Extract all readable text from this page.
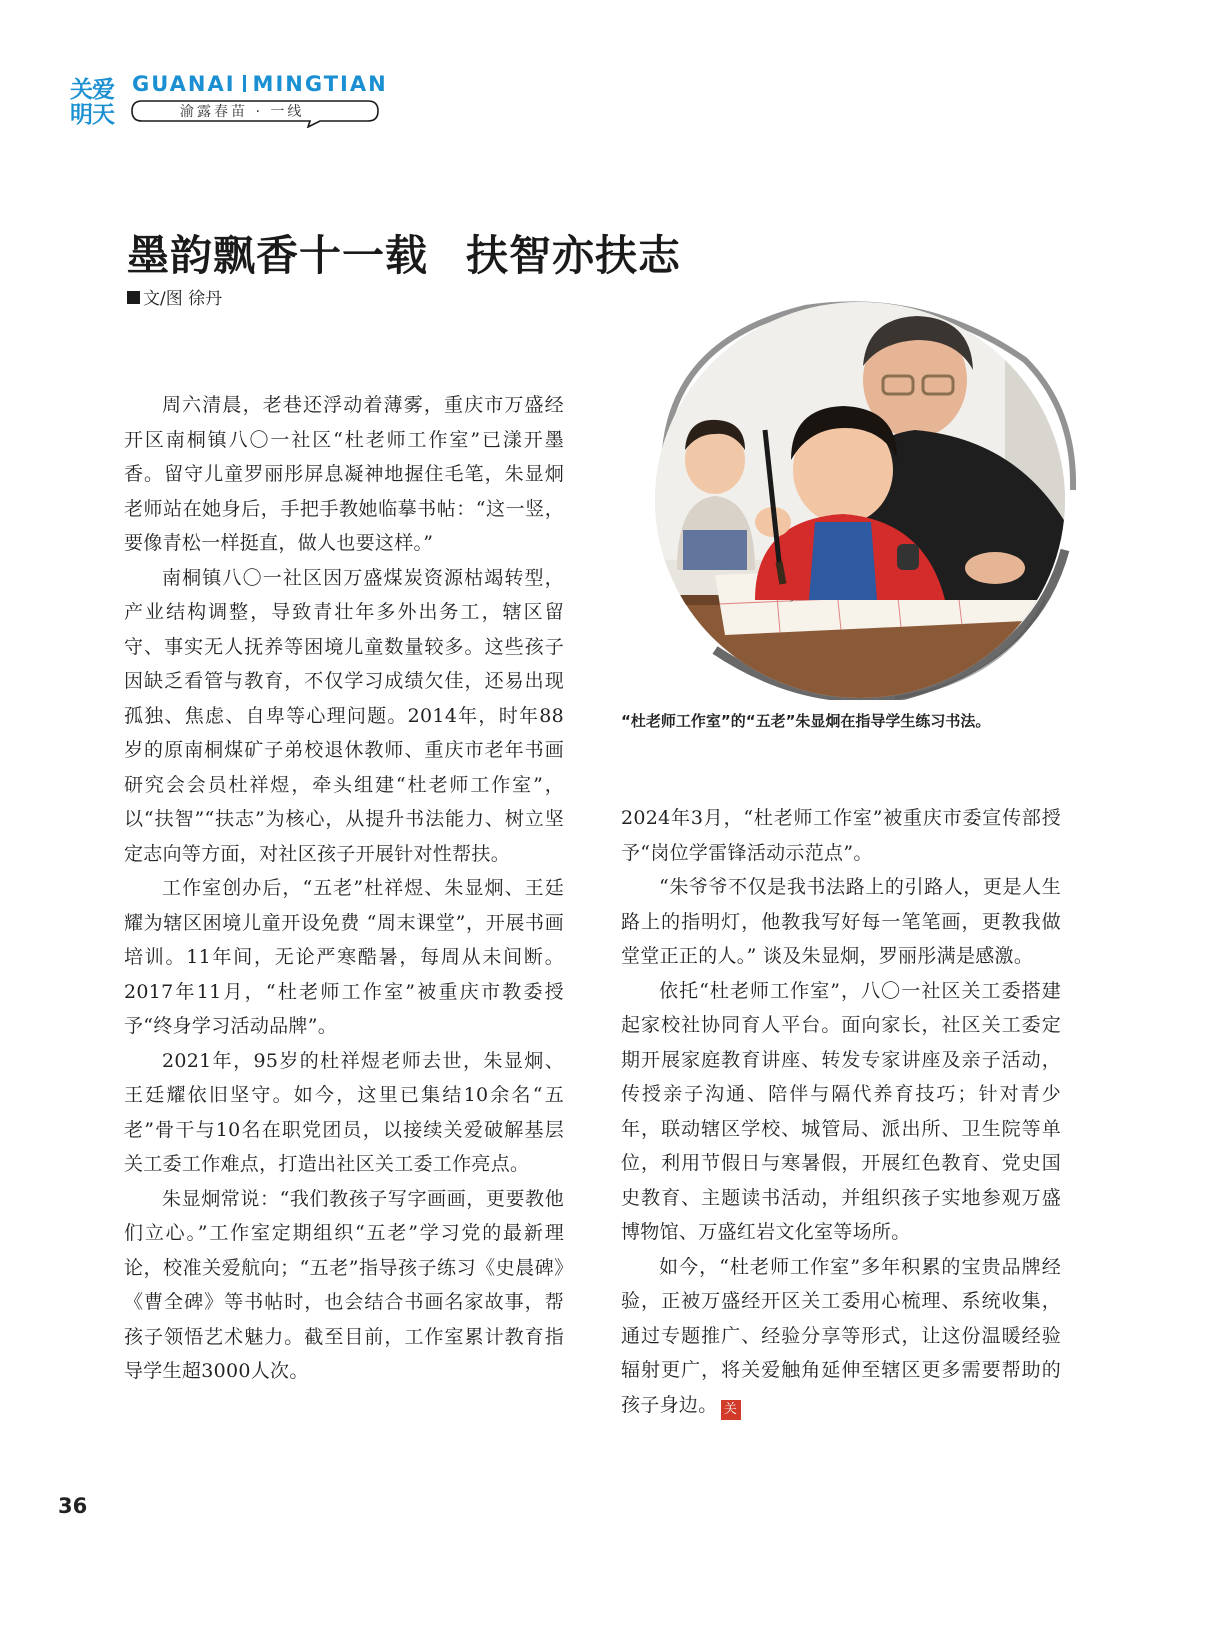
关爱明天
GUANAI MINGTIAN
渝露春苗 · 一线
墨韵飘香十一载 扶智亦扶志
文/图 徐丹

周六清晨，老巷还浮动着薄雾，重庆市万盛经开区南桐镇八〇一社区“杜老师工作室”已漾开墨香。留守儿童罗丽彤屏息凝神地握住毛笔，朱显炯老师站在她身后，手把手教她临摹书帖：“这一竖，要像青松一样挺直，做人也要这样。”

南桐镇八〇一社区因万盛煤炭资源枯竭转型，产业结构调整，导致青壮年多外出务工，辖区留守、事实无人抚养等困境儿童数量较多。这些孩子因缺乏看管与教育，不仅学习成绩欠佳，还易出现孤独、焦虑、自卑等心理问题。2014年，时年88岁的原南桐煤矿子弟校退休教师、重庆市老年书画研究会会员杜祥煜，牵头组建“杜老师工作室”，以“扶智”“扶志”为核心，从提升书法能力、树立坚定志向等方面，对社区孩子开展针对性帮扶。

工作室创办后，“五老”杜祥煜、朱显炯、王廷耀为辖区困境儿童开设免费 “周末课堂”，开展书画培训。11年间，无论严寒酷暑，每周从未间断。2017年11月，“杜老师工作室”被重庆市教委授予“终身学习活动品牌”。

2021年，95岁的杜祥煜老师去世，朱显炯、王廷耀依旧坚守。如今，这里已集结10余名“五老”骨干与10名在职党团员，以接续关爱破解基层关工委工作难点，打造出社区关工委工作亮点。

朱显炯常说：“我们教孩子写字画画，更要教他们立心。”工作室定期组织“五老”学习党的最新理论，校准关爱航向；“五老”指导孩子练习《史晨碑》《曹全碑》等书帖时，也会结合书画名家故事，帮孩子领悟艺术魅力。截至目前，工作室累计教育指导学生超3000人次。

“杜老师工作室”的“五老”朱显炯在指导学生练习书法。

2024年3月，“杜老师工作室”被重庆市委宣传部授予“岗位学雷锋活动示范点”。

“朱爷爷不仅是我书法路上的引路人，更是人生路上的指明灯，他教我写好每一笔笔画，更教我做堂堂正正的人。” 谈及朱显炯，罗丽彤满是感激。

依托“杜老师工作室”，八〇一社区关工委搭建起家校社协同育人平台。面向家长，社区关工委定期开展家庭教育讲座、转发专家讲座及亲子活动，传授亲子沟通、陪伴与隔代养育技巧；针对青少年，联动辖区学校、城管局、派出所、卫生院等单位，利用节假日与寒暑假，开展红色教育、党史国史教育、主题读书活动，并组织孩子实地参观万盛博物馆、万盛红岩文化室等场所。

如今，“杜老师工作室”多年积累的宝贵品牌经验，正被万盛经开区关工委用心梳理、系统收集，通过专题推广、经验分享等形式，让这份温暖经验辐射更广，将关爱触角延伸至辖区更多需要帮助的孩子身边。 关

36
